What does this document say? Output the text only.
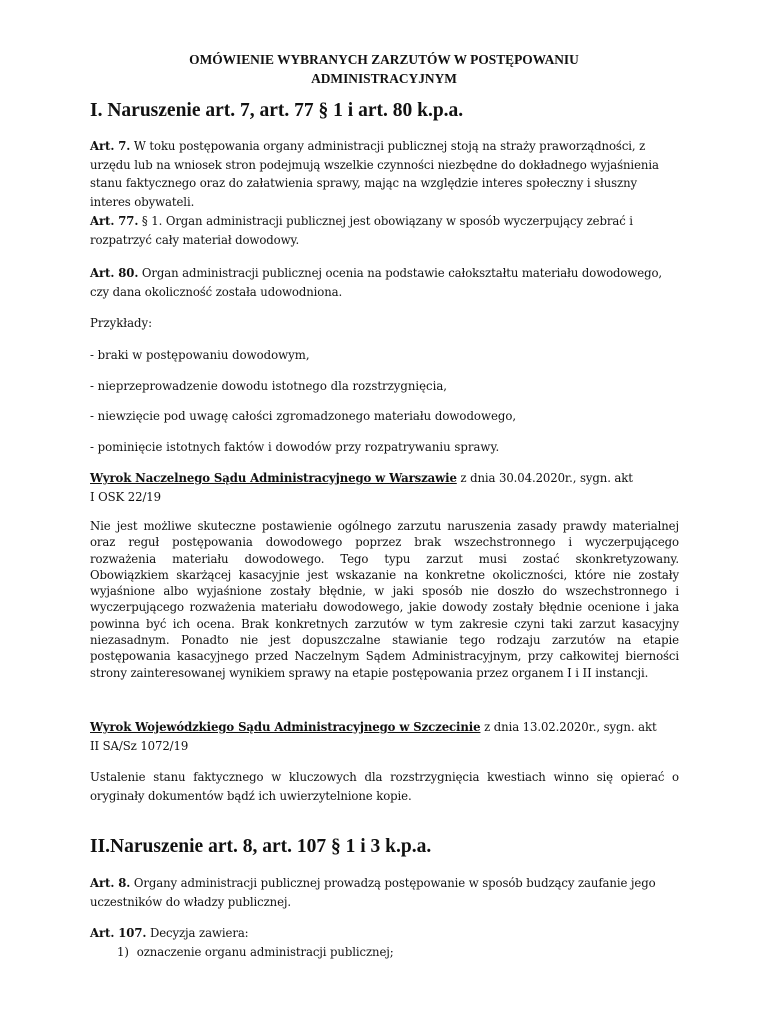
OMÓWIENIE WYBRANYCH ZARZUTÓW W POSTĘPOWANIU
ADMINISTRACYJNYM
I. Naruszenie art. 7, art. 77 § 1 i art. 80 k.p.a.
Art. 7. W toku postępowania organy administracji publicznej stoją na straży praworządności, z
urzędu lub na wniosek stron podejmują wszelkie czynności niezbędne do dokładnego wyjaśnienia
stanu faktycznego oraz do załatwienia sprawy, mając na względzie interes społeczny i słuszny
interes obywateli.
Art. 77. § 1. Organ administracji publicznej jest obowiązany w sposób wyczerpujący zebrać i
rozpatrzyć cały materiał dowodowy.
Art. 80. Organ administracji publicznej ocenia na podstawie całokształtu materiału dowodowego,
czy dana okoliczność została udowodniona.
Przykłady:
- braki w postępowaniu dowodowym,
- nieprzeprowadzenie dowodu istotnego dla rozstrzygnięcia,
- niewzięcie pod uwagę całości zgromadzonego materiału dowodowego,
- pominięcie istotnych faktów i dowodów przy rozpatrywaniu sprawy.
Wyrok Naczelnego Sądu Administracyjnego w Warszawie z dnia 30.04.2020r., sygn. akt
I OSK 22/19
Nie jest możliwe skuteczne postawienie ogólnego zarzutu naruszenia zasady prawdy materialnej
oraz reguł postępowania dowodowego poprzez brak wszechstronnego i wyczerpującego
rozważenia materiału dowodowego. Tego typu zarzut musi zostać skonkretyzowany.
Obowiązkiem skarżącej kasacyjnie jest wskazanie na konkretne okoliczności, które nie zostały
wyjaśnione albo wyjaśnione zostały błędnie, w jaki sposób nie doszło do wszechstronnego i
wyczerpującego rozważenia materiału dowodowego, jakie dowody zostały błędnie ocenione i jaka
powinna być ich ocena. Brak konkretnych zarzutów w tym zakresie czyni taki zarzut kasacyjny
niezasadnym. Ponadto nie jest dopuszczalne stawianie tego rodzaju zarzutów na etapie
postępowania kasacyjnego przed Naczelnym Sądem Administracyjnym, przy całkowitej bierności
strony zainteresowanej wynikiem sprawy na etapie postępowania przez organem I i II instancji.
Wyrok Wojewódzkiego Sądu Administracyjnego w Szczecinie z dnia 13.02.2020r., sygn. akt
II SA/Sz 1072/19
Ustalenie stanu faktycznego w kluczowych dla rozstrzygnięcia kwestiach winno się opierać o
oryginały dokumentów bądź ich uwierzytelnione kopie.
II.Naruszenie art. 8, art. 107 § 1 i 3 k.p.a.
Art. 8. Organy administracji publicznej prowadzą postępowanie w sposób budzący zaufanie jego
uczestników do władzy publicznej.
Art. 107. Decyzja zawiera:
1) oznaczenie organu administracji publicznej;
